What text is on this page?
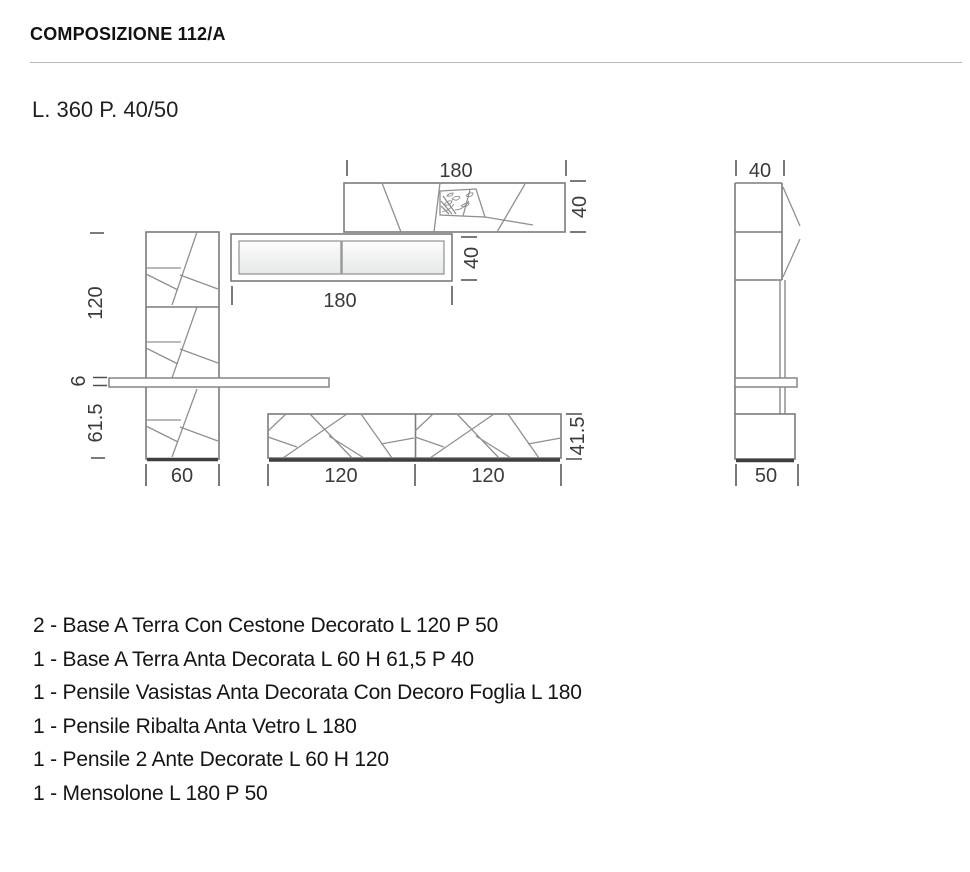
COMPOSIZIONE 112/A
L. 360 P. 40/50
180
40
40
180
120
6
61.5	41.5
60	120	120
40
50
2 - Base A Terra Con Cestone Decorato L 120 P 50
1 - Base A Terra Anta Decorata L 60 H 61,5 P 40
1 - Pensile Vasistas Anta Decorata Con Decoro Foglia L 180
1 - Pensile Ribalta Anta Vetro L 180
1 - Pensile 2 Ante Decorate L 60 H 120
1 - Mensolone L 180 P 50
